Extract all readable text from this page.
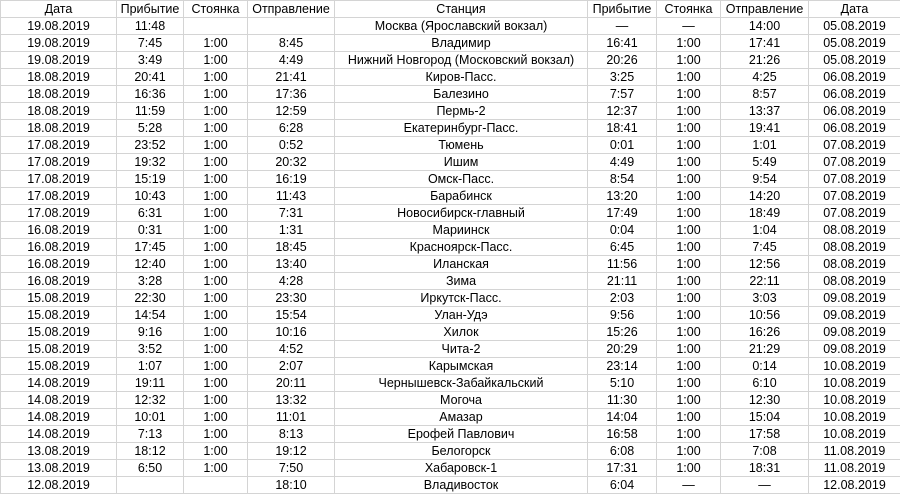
Дата	Прибытие	Стоянка	Отправление	Станция	Прибытие	Стоянка	Отправление	Дата
19.08.2019	11:48			Москва (Ярославский вокзал)	—	—	14:00	05.08.2019
19.08.2019	7:45	1:00	8:45	Владимир	16:41	1:00	17:41	05.08.2019
19.08.2019	3:49	1:00	4:49	Нижний Новгород (Московский вокзал)	20:26	1:00	21:26	05.08.2019
18.08.2019	20:41	1:00	21:41	Киров-Пасс.	3:25	1:00	4:25	06.08.2019
18.08.2019	16:36	1:00	17:36	Балезино	7:57	1:00	8:57	06.08.2019
18.08.2019	11:59	1:00	12:59	Пермь-2	12:37	1:00	13:37	06.08.2019
18.08.2019	5:28	1:00	6:28	Екатеринбург-Пасс.	18:41	1:00	19:41	06.08.2019
17.08.2019	23:52	1:00	0:52	Тюмень	0:01	1:00	1:01	07.08.2019
17.08.2019	19:32	1:00	20:32	Ишим	4:49	1:00	5:49	07.08.2019
17.08.2019	15:19	1:00	16:19	Омск-Пасс.	8:54	1:00	9:54	07.08.2019
17.08.2019	10:43	1:00	11:43	Барабинск	13:20	1:00	14:20	07.08.2019
17.08.2019	6:31	1:00	7:31	Новосибирск-главный	17:49	1:00	18:49	07.08.2019
16.08.2019	0:31	1:00	1:31	Мариинск	0:04	1:00	1:04	08.08.2019
16.08.2019	17:45	1:00	18:45	Красноярск-Пасс.	6:45	1:00	7:45	08.08.2019
16.08.2019	12:40	1:00	13:40	Иланская	11:56	1:00	12:56	08.08.2019
16.08.2019	3:28	1:00	4:28	Зима	21:11	1:00	22:11	08.08.2019
15.08.2019	22:30	1:00	23:30	Иркутск-Пасс.	2:03	1:00	3:03	09.08.2019
15.08.2019	14:54	1:00	15:54	Улан-Удэ	9:56	1:00	10:56	09.08.2019
15.08.2019	9:16	1:00	10:16	Хилок	15:26	1:00	16:26	09.08.2019
15.08.2019	3:52	1:00	4:52	Чита-2	20:29	1:00	21:29	09.08.2019
15.08.2019	1:07	1:00	2:07	Карымская	23:14	1:00	0:14	10.08.2019
14.08.2019	19:11	1:00	20:11	Чернышевск-Забайкальский	5:10	1:00	6:10	10.08.2019
14.08.2019	12:32	1:00	13:32	Могоча	11:30	1:00	12:30	10.08.2019
14.08.2019	10:01	1:00	11:01	Амазар	14:04	1:00	15:04	10.08.2019
14.08.2019	7:13	1:00	8:13	Ерофей Павлович	16:58	1:00	17:58	10.08.2019
13.08.2019	18:12	1:00	19:12	Белогорск	6:08	1:00	7:08	11.08.2019
13.08.2019	6:50	1:00	7:50	Хабаровск-1	17:31	1:00	18:31	11.08.2019
12.08.2019			18:10	Владивосток	6:04	—	—	12.08.2019
